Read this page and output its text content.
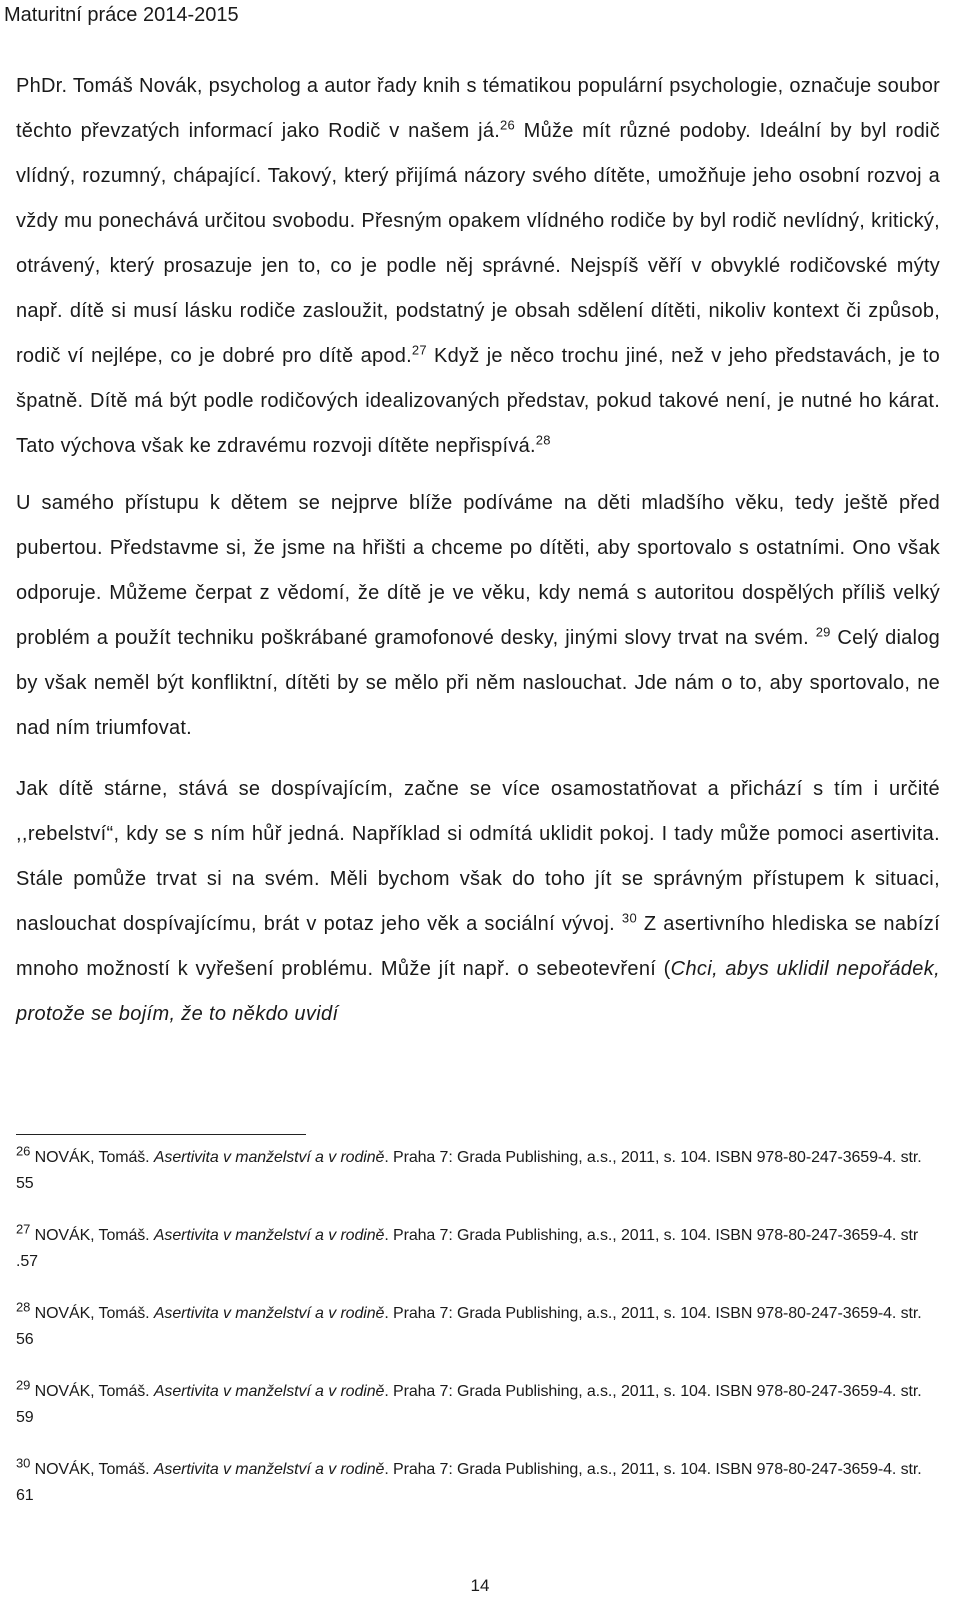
Maturitní práce 2014-2015

PhDr. Tomáš Novák, psycholog a autor řady knih s tématikou populární psychologie, označuje soubor těchto převzatých informací jako Rodič v našem já.$^{26}$ Může mít různé podoby. Ideální by byl rodič vlídný, rozumný, chápající. Takový, který přijímá názory svého dítěte, umožňuje jeho osobní rozvoj a vždy mu ponechává určitou svobodu. Přesným opakem vlídného rodiče by byl rodič nevlídný, kritický, otrávený, který prosazuje jen to, co je podle něj správné. Nejspíš věří v obvyklé rodičovské mýty např. dítě si musí lásku rodiče zasloužit, podstatný je obsah sdělení dítěti, nikoliv kontext či způsob, rodič ví nejlépe, co je dobré pro dítě apod.$^{27}$ Když je něco trochu jiné, než v jeho představách, je to špatně. Dítě má být podle rodičových idealizovaných představ, pokud takové není, je nutné ho kárat. Tato výchova však ke zdravému rozvoji dítěte nepřispívá.$^{28}$

U samého přístupu k dětem se nejprve blíže podíváme na děti mladšího věku, tedy ještě před pubertou. Představme si, že jsme na hřišti a chceme po dítěti, aby sportovalo s ostatními. Ono však odporuje. Můžeme čerpat z vědomí, že dítě je ve věku, kdy nemá s autoritou dospělých příliš velký problém a použít techniku poškrábané gramofonové desky, jinými slovy trvat na svém. $^{29}$ Celý dialog by však neměl být konfliktní, dítěti by se mělo při něm naslouchat. Jde nám o to, aby sportovalo, ne nad ním triumfovat.

Jak dítě stárne, stává se dospívajícím, začne se více osamostatňovat a přichází s tím i určité ,,rebelství“, kdy se s ním hůř jedná. Například si odmítá uklidit pokoj. I tady může pomoci asertivita. Stále pomůže trvat si na svém. Měli bychom však do toho jít se správným přístupem k situaci, naslouchat dospívajícímu, brát v potaz jeho věk a sociální vývoj. $^{30}$ Z asertivního hlediska se nabízí mnoho možností k vyřešení problému. Může jít např. o sebeotevření (Chci, abys uklidil nepořádek, protože se bojím, že to někdo uvidí

$^{26}$ NOVÁK, Tomáš. Asertivita v manželství a v rodině. Praha 7: Grada Publishing, a.s., 2011, s. 104. ISBN 978-80-247-3659-4. str. 55

$^{27}$ NOVÁK, Tomáš. Asertivita v manželství a v rodině. Praha 7: Grada Publishing, a.s., 2011, s. 104. ISBN 978-80-247-3659-4. str .57

$^{28}$ NOVÁK, Tomáš. Asertivita v manželství a v rodině. Praha 7: Grada Publishing, a.s., 2011, s. 104. ISBN 978-80-247-3659-4. str. 56

$^{29}$ NOVÁK, Tomáš. Asertivita v manželství a v rodině. Praha 7: Grada Publishing, a.s., 2011, s. 104. ISBN 978-80-247-3659-4. str. 59

$^{30}$ NOVÁK, Tomáš. Asertivita v manželství a v rodině. Praha 7: Grada Publishing, a.s., 2011, s. 104. ISBN 978-80-247-3659-4. str. 61

14
